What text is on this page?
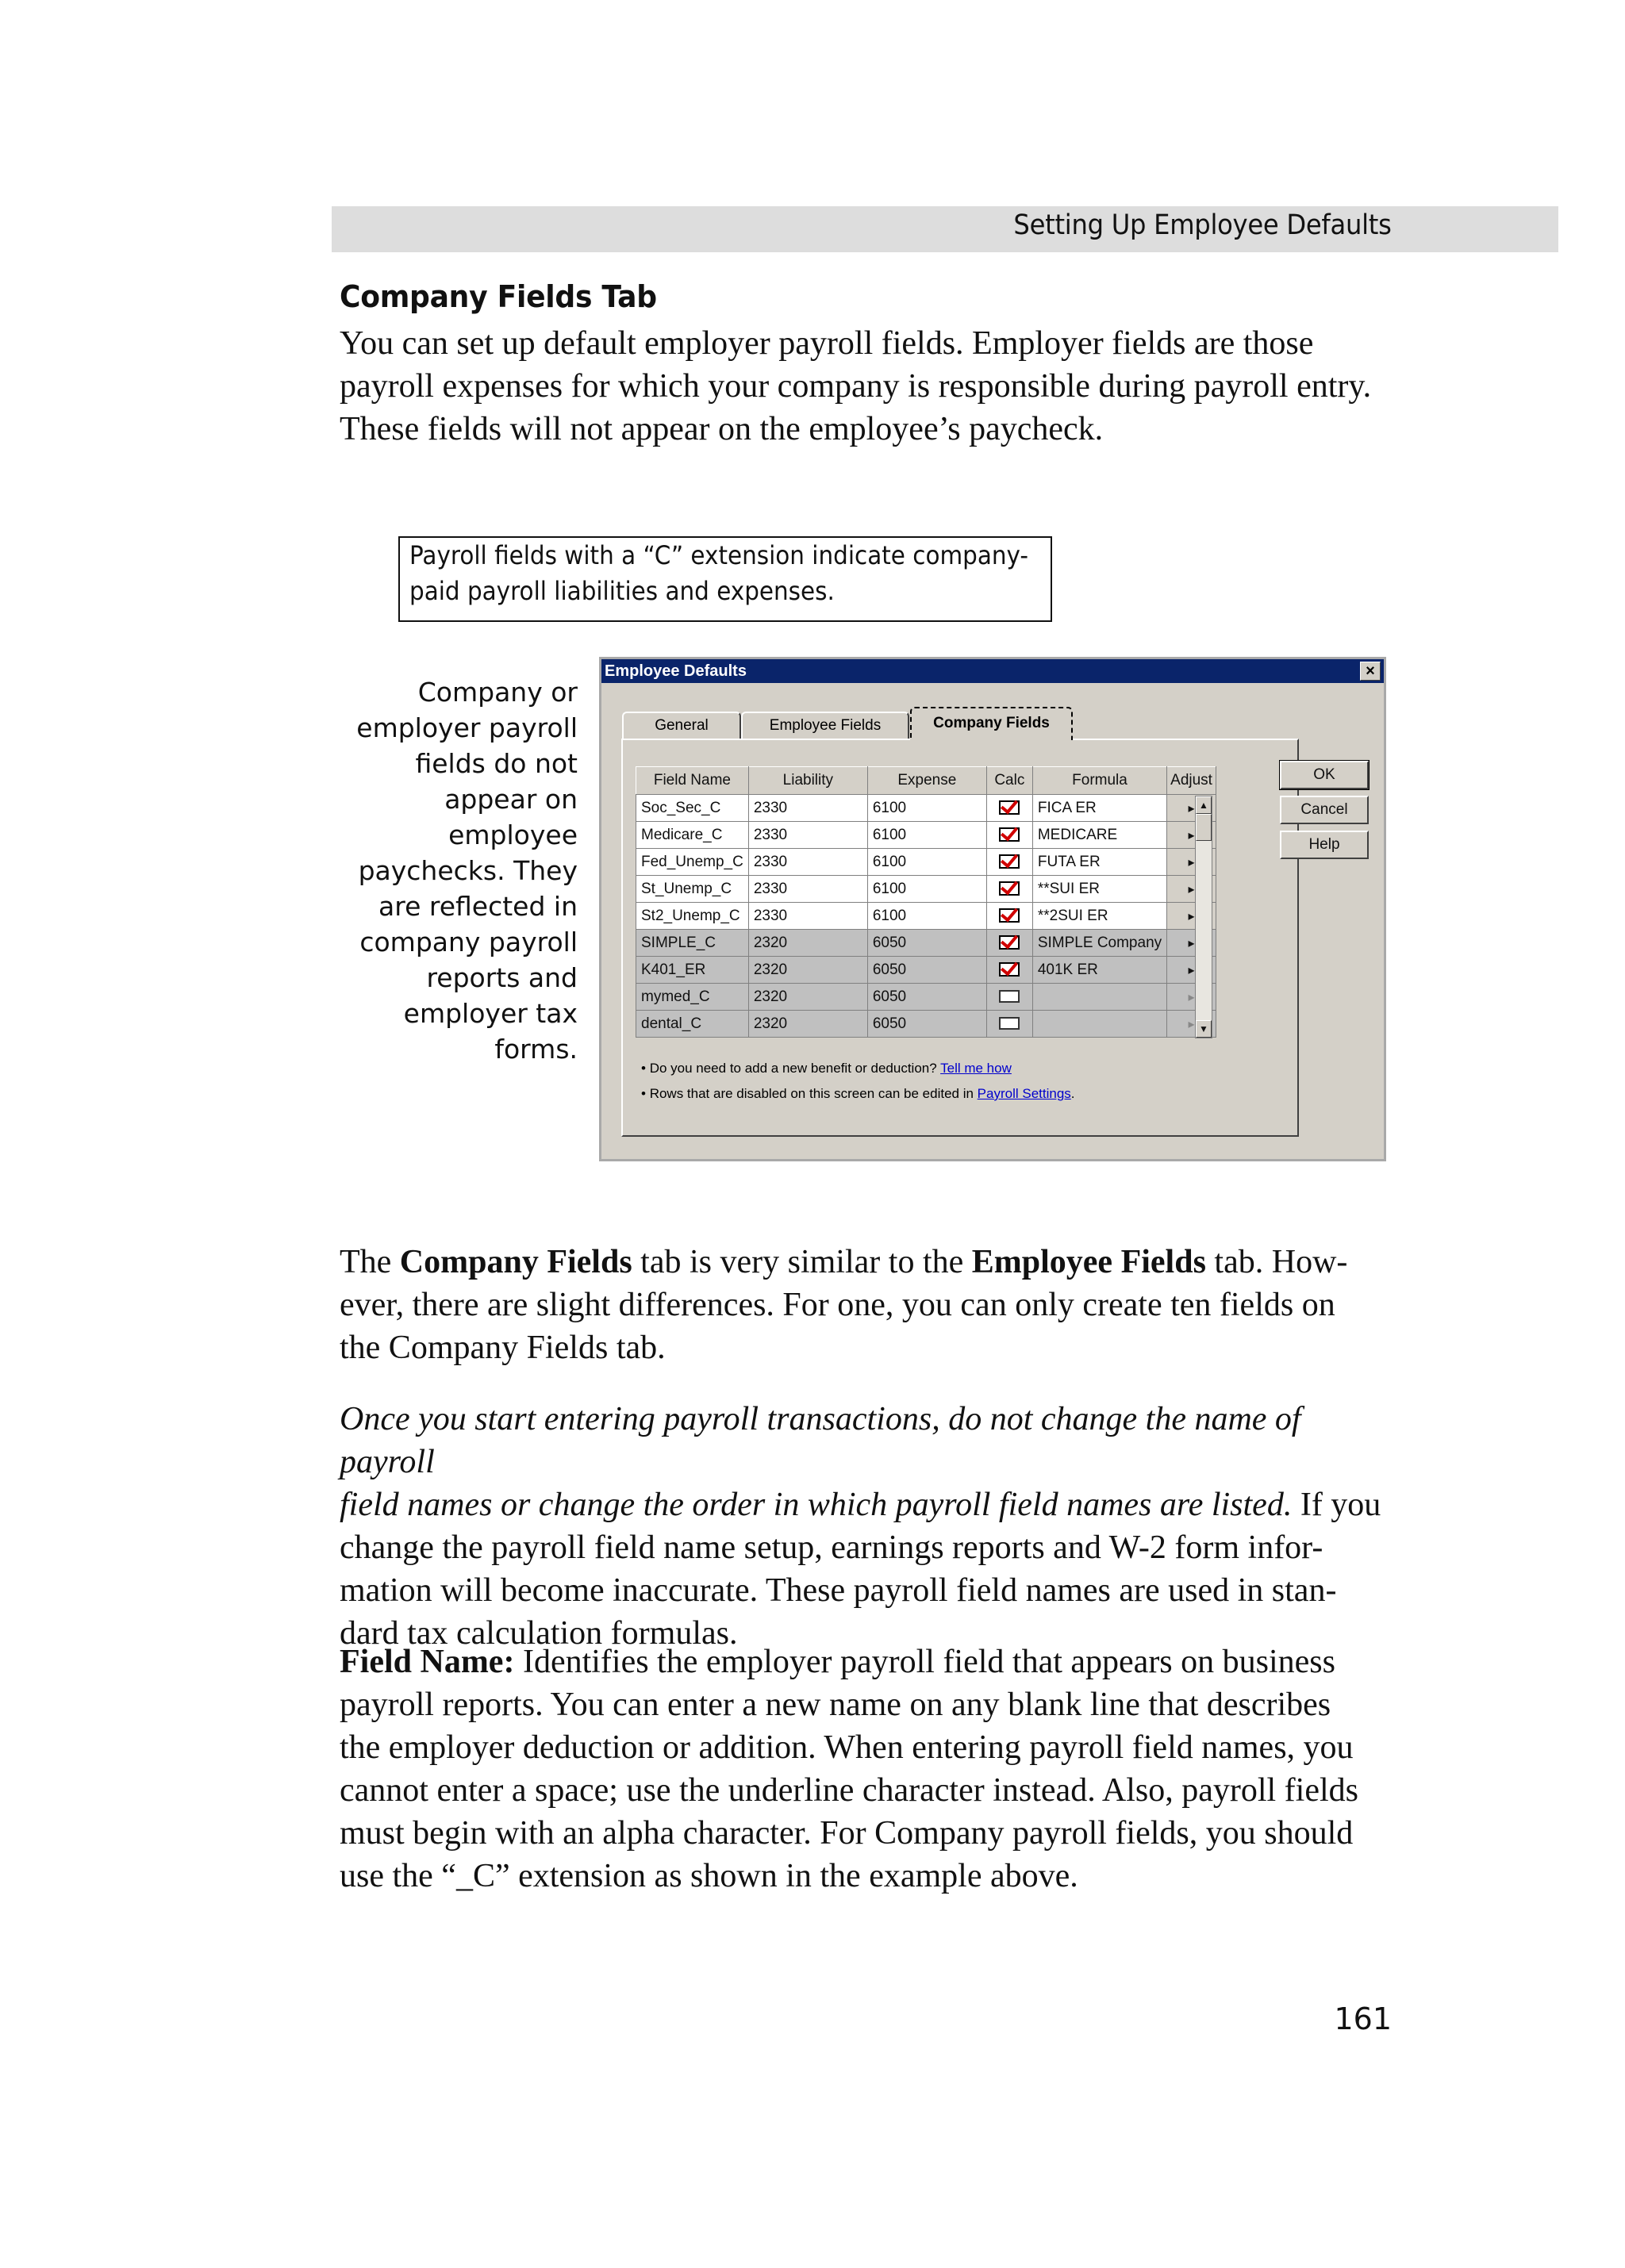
Setting Up Employee Defaults
Company Fields Tab

You can set up default employer payroll fields. Employer fields are those

payroll expenses for which your company is responsible during payroll entry.

These fields will not appear on the employee’s paycheck.

Payroll fields with a “C” extension indicate company-
paid payroll liabilities and expenses.
Company or
employer payroll
fields do not
appear on
employee
paychecks. They
are reflected in
company payroll
reports and
employer tax
forms.
Employee Defaults	×
General	Employee Fields	Company Fields
Field Name	Liability	Expense	Calc	Formula	Adjust
Soc_Sec_C	2330	6100		FICA ER	▸
Medicare_C	2330	6100		MEDICARE	▸
Fed_Unemp_C	2330	6100		FUTA ER	▸
St_Unemp_C	2330	6100		**SUI ER	▸
St2_Unemp_C	2330	6100		**2SUI ER	▸
SIMPLE_C	2320	6050		SIMPLE Company	▸
K401_ER	2320	6050		401K ER	▸
mymed_C	2320	6050			▸
dental_C	2320	6050			▸
▲
▼
OK
Cancel
Help
• Do you need to add a new benefit or deduction? Tell me how
• Rows that are disabled on this screen can be edited in Payroll Settings.

The Company Fields tab is very similar to the Employee Fields tab. How-

ever, there are slight differences. For one, you can only create ten fields on

the Company Fields tab.

Once you start entering payroll transactions, do not change the name of payroll

field names or change the order in which payroll field names are listed. If you

change the payroll field name setup, earnings reports and W-2 form infor-

mation will become inaccurate. These payroll field names are used in stan-

dard tax calculation formulas.

Field Name: Identifies the employer payroll field that appears on business

payroll reports. You can enter a new name on any blank line that describes

the employer deduction or addition. When entering payroll field names, you

cannot enter a space; use the underline character instead. Also, payroll fields

must begin with an alpha character. For Company payroll fields, you should

use the “_C” extension as shown in the example above.

161
